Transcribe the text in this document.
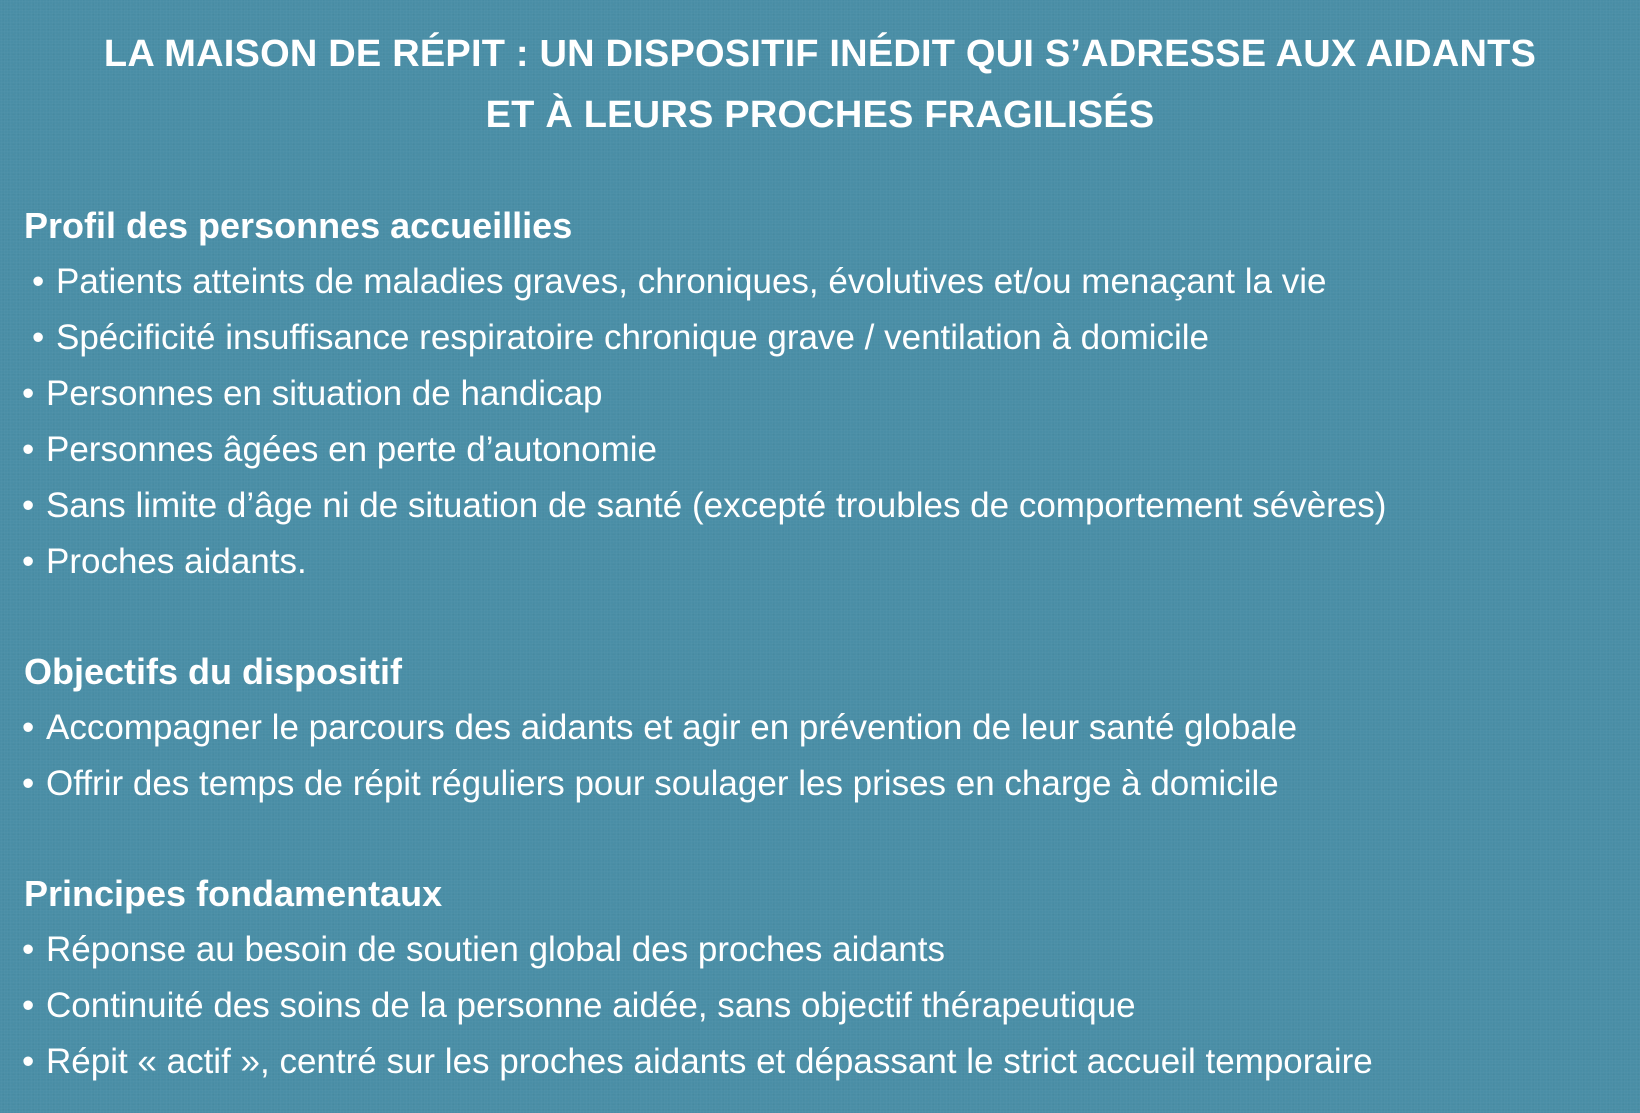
LA MAISON DE RÉPIT : UN DISPOSITIF INÉDIT QUI S’ADRESSE AUX AIDANTS
ET À LEURS PROCHES FRAGILISÉS
Profil des personnes accueillies
• Patients atteints de maladies graves, chroniques, évolutives et/ou menaçant la vie
• Spécificité insuffisance respiratoire chronique grave / ventilation à domicile
• Personnes en situation de handicap
• Personnes âgées en perte d’autonomie
• Sans limite d’âge ni de situation de santé (excepté troubles de comportement sévères)
• Proches aidants.
Objectifs du dispositif
• Accompagner le parcours des aidants et agir en prévention de leur santé globale
• Offrir des temps de répit réguliers pour soulager les prises en charge à domicile
Principes fondamentaux
• Réponse au besoin de soutien global des proches aidants
• Continuité des soins de la personne aidée, sans objectif thérapeutique
• Répit « actif », centré sur les proches aidants et dépassant le strict accueil temporaire
